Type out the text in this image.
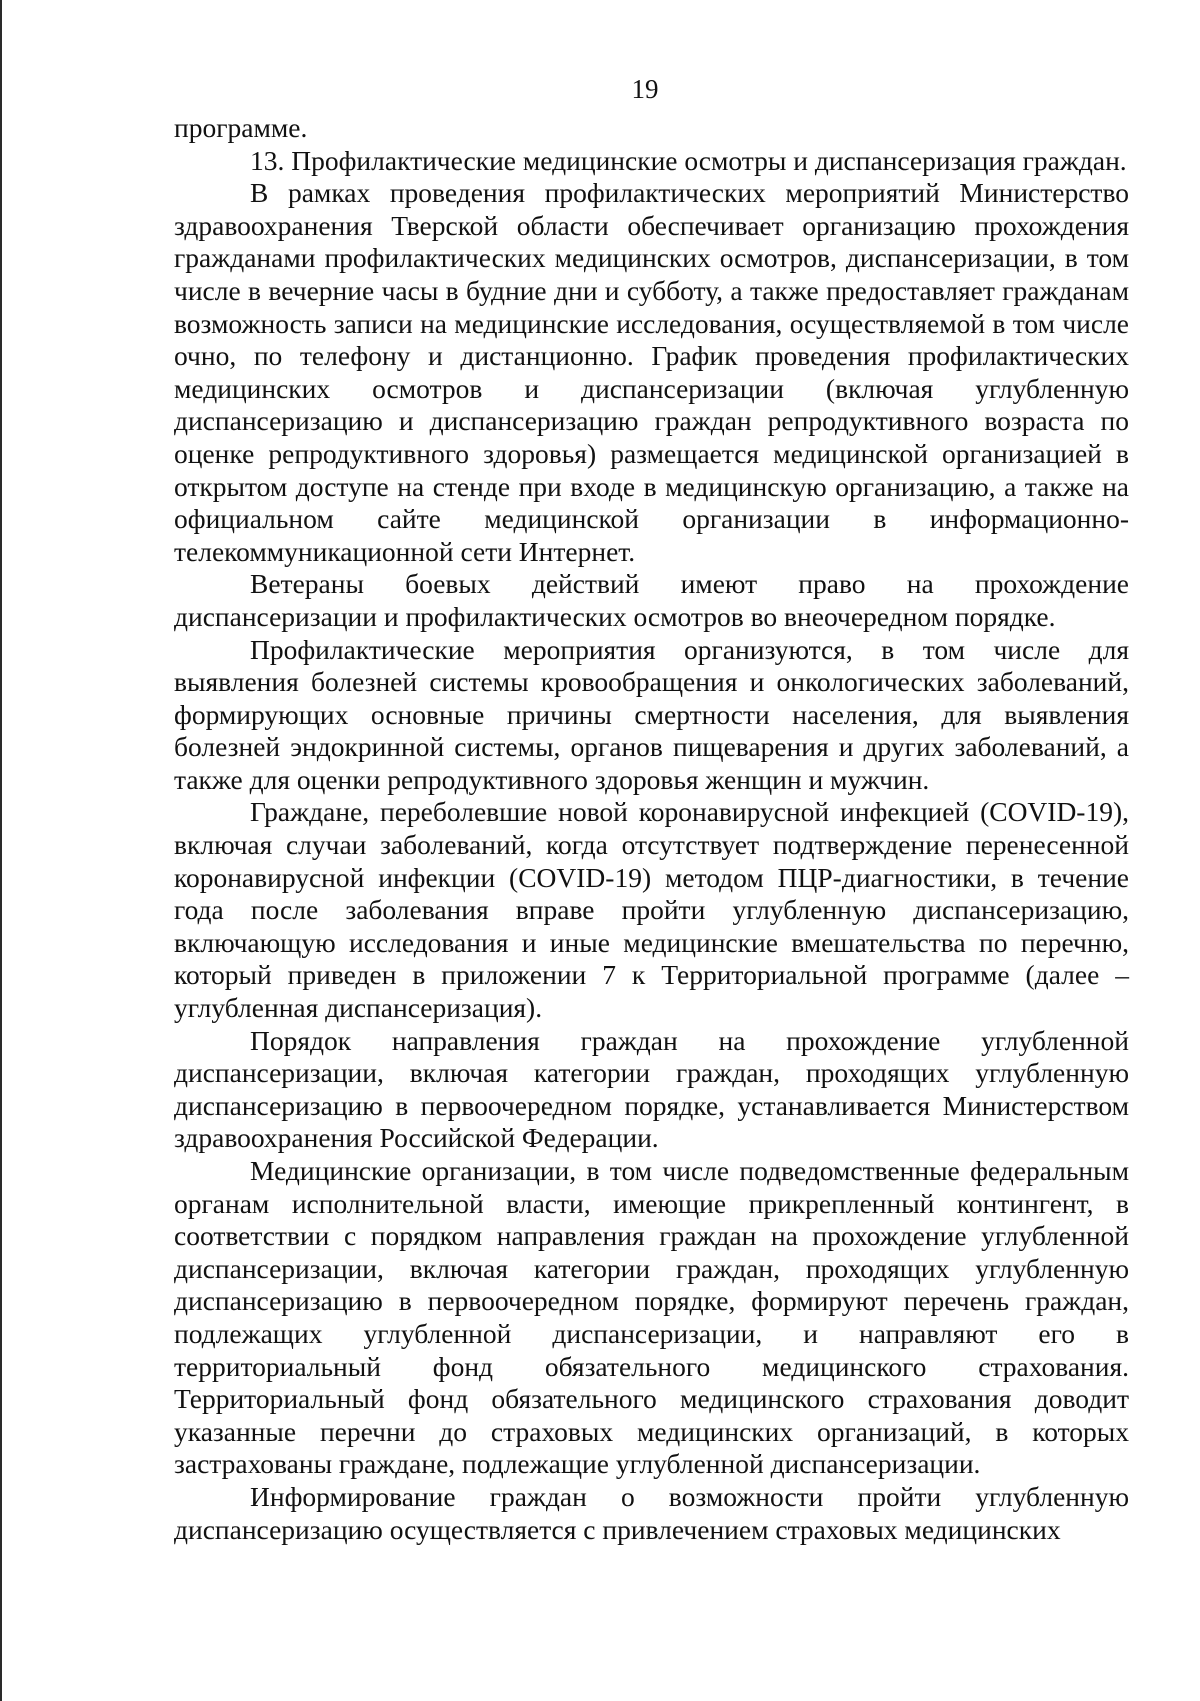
19

программе.

13. Профилактические медицинские осмотры и диспансеризация граждан.

В рамках проведения профилактических мероприятий Министерство здравоохранения Тверской области обеспечивает организацию прохождения гражданами профилактических медицинских осмотров, диспансеризации, в том числе в вечерние часы в будние дни и субботу, а также предоставляет гражданам возможность записи на медицинские исследования, осуществляемой в том числе очно, по телефону и дистанционно. График проведения профилактических медицинских осмотров и диспансеризации (включая углубленную диспансеризацию и диспансеризацию граждан репродуктивного возраста по оценке репродуктивного здоровья) размещается медицинской организацией в открытом доступе на стенде при входе в медицинскую организацию, а также на официальном сайте медицинской организации в информационно-телекоммуникационной сети Интернет.

Ветераны боевых действий имеют право на прохождение диспансеризации и профилактических осмотров во внеочередном порядке.

Профилактические мероприятия организуются, в том числе для выявления болезней системы кровообращения и онкологических заболеваний, формирующих основные причины смертности населения, для выявления болезней эндокринной системы, органов пищеварения и других заболеваний, а также для оценки репродуктивного здоровья женщин и мужчин.

Граждане, переболевшие новой коронавирусной инфекцией (COVID-19), включая случаи заболеваний, когда отсутствует подтверждение перенесенной коронавирусной инфекции (COVID-19) методом ПЦР-диагностики, в течение года после заболевания вправе пройти углубленную диспансеризацию, включающую исследования и иные медицинские вмешательства по перечню, который приведен в приложении 7 к Территориальной программе (далее – углубленная диспансеризация).

Порядок направления граждан на прохождение углубленной диспансеризации, включая категории граждан, проходящих углубленную диспансеризацию в первоочередном порядке, устанавливается Министерством здравоохранения Российской Федерации.

Медицинские организации, в том числе подведомственные федеральным органам исполнительной власти, имеющие прикрепленный контингент, в соответствии с порядком направления граждан на прохождение углубленной диспансеризации, включая категории граждан, проходящих углубленную диспансеризацию в первоочередном порядке, формируют перечень граждан, подлежащих углубленной диспансеризации, и направляют его в территориальный фонд обязательного медицинского страхования. Территориальный фонд обязательного медицинского страхования доводит указанные перечни до страховых медицинских организаций, в которых застрахованы граждане, подлежащие углубленной диспансеризации.

Информирование граждан о возможности пройти углубленную диспансеризацию осуществляется с привлечением страховых медицинских
